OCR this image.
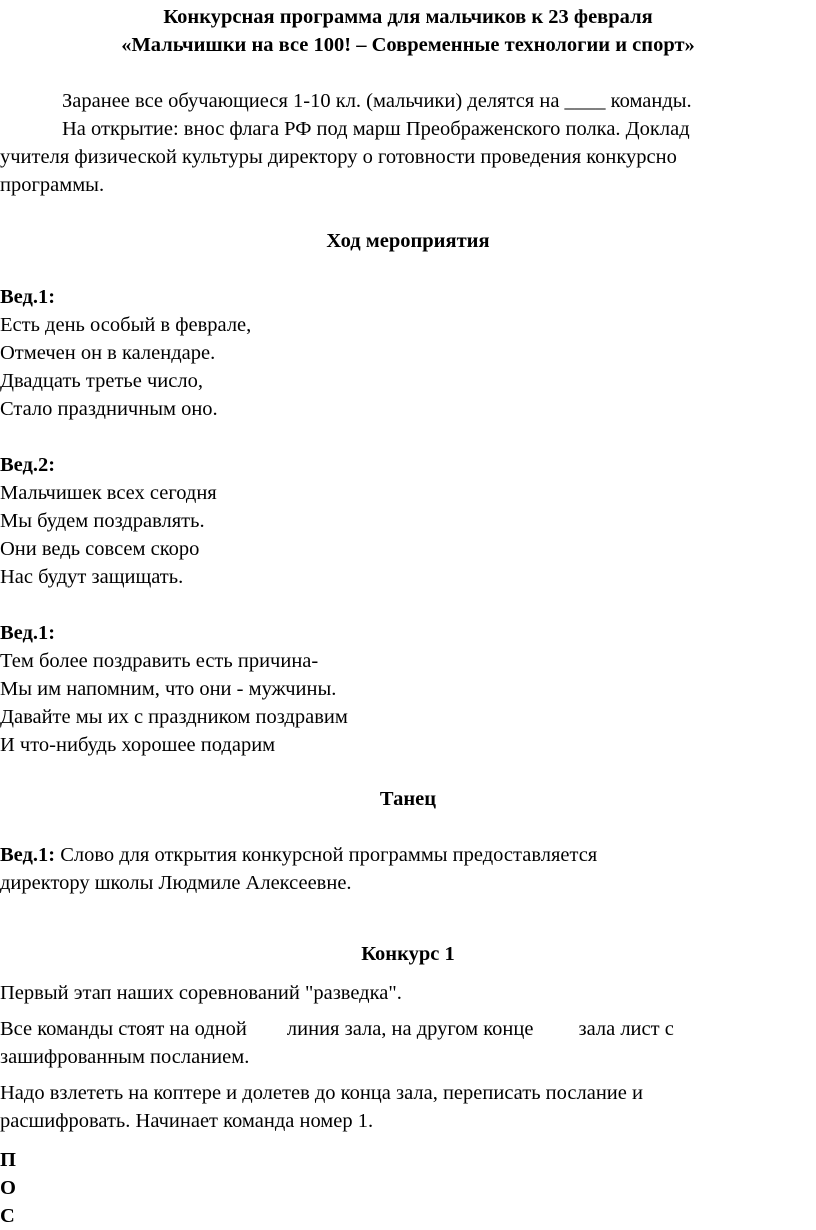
Конкурсная программа для мальчиков к 23 февраля
«Мальчишки на все 100! – Современные технологии и спорт»
Заранее все обучающиеся 1-10 кл. (мальчики) делятся на ____ команды.
На открытие: внос флага РФ под марш Преображенского полка. Доклад
учителя физической культуры директору о готовности проведения конкурсно
программы.
Ход мероприятия
Вед.1:
Есть день особый в феврале,
Отмечен он в календаре.
Двадцать третье число,
Стало праздничным оно.
Вед.2:
Мальчишек всех сегодня
Мы будем поздравлять.
Они ведь совсем скоро
Нас будут защищать.
Вед.1:
Тем более поздравить есть причина-
Мы им напомним, что они - мужчины.
Давайте мы их с праздником поздравим
И что-нибудь хорошее подарим
Танец
Вед.1: Слово для открытия конкурсной программы предоставляется
директору школы Людмиле Алексеевне.
Конкурс 1
Первый этап наших соревнований "разведка".
Все команды стоят на одной линия зала, на другом конце зала лист с
зашифрованным посланием.
Надо взлететь на коптере и долетев до конца зала, переписать послание и
расшифровать. Начинает команда номер 1.
П
О
С
